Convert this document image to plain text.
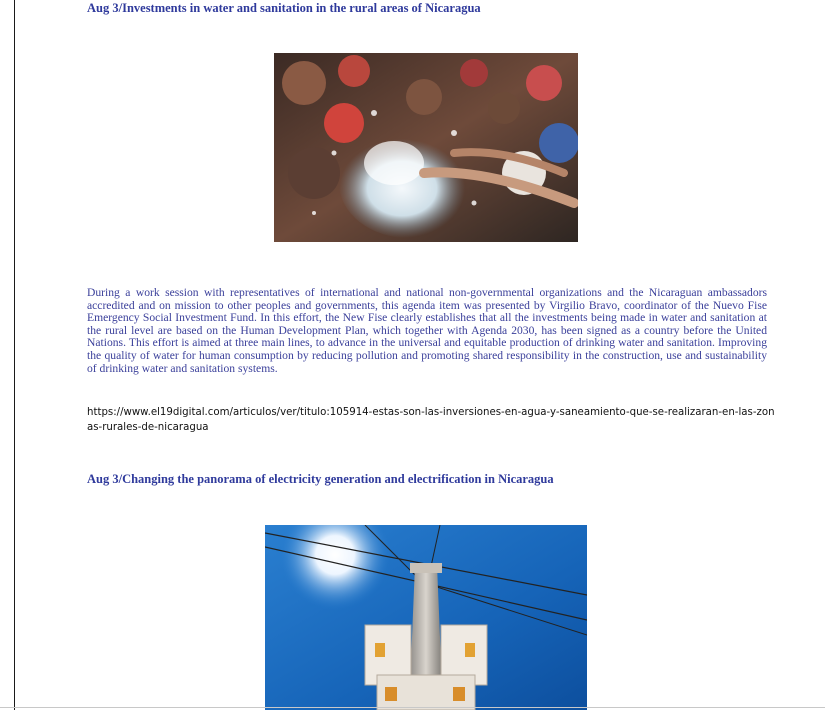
Aug 3/Investments in water and sanitation in the rural areas of Nicaragua

During a work session with representatives of international and national non-governmental organizations and the Nicaraguan ambassadors accredited and on mission to other peoples and governments, this agenda item was presented by Virgilio Bravo, coordinator of the Nuevo Fise Emergency Social Investment Fund. In this effort, the New Fise clearly establishes that all the investments being made in water and sanitation at the rural level are based on the Human Development Plan, which together with Agenda 2030, has been signed as a country before the United Nations. This effort is aimed at three main lines, to advance in the universal and equitable production of drinking water and sanitation. Improving the quality of water for human consumption by reducing pollution and promoting shared responsibility in the construction, use and sustainability of drinking water and sanitation systems.

https://www.el19digital.com/articulos/ver/titulo:105914-estas-son-las-inversiones-en-agua-y-saneamiento-que-se-realizaran-en-las-zonas-rurales-de-nicaragua

Aug 3/Changing the panorama of electricity generation and electrification in Nicaragua
